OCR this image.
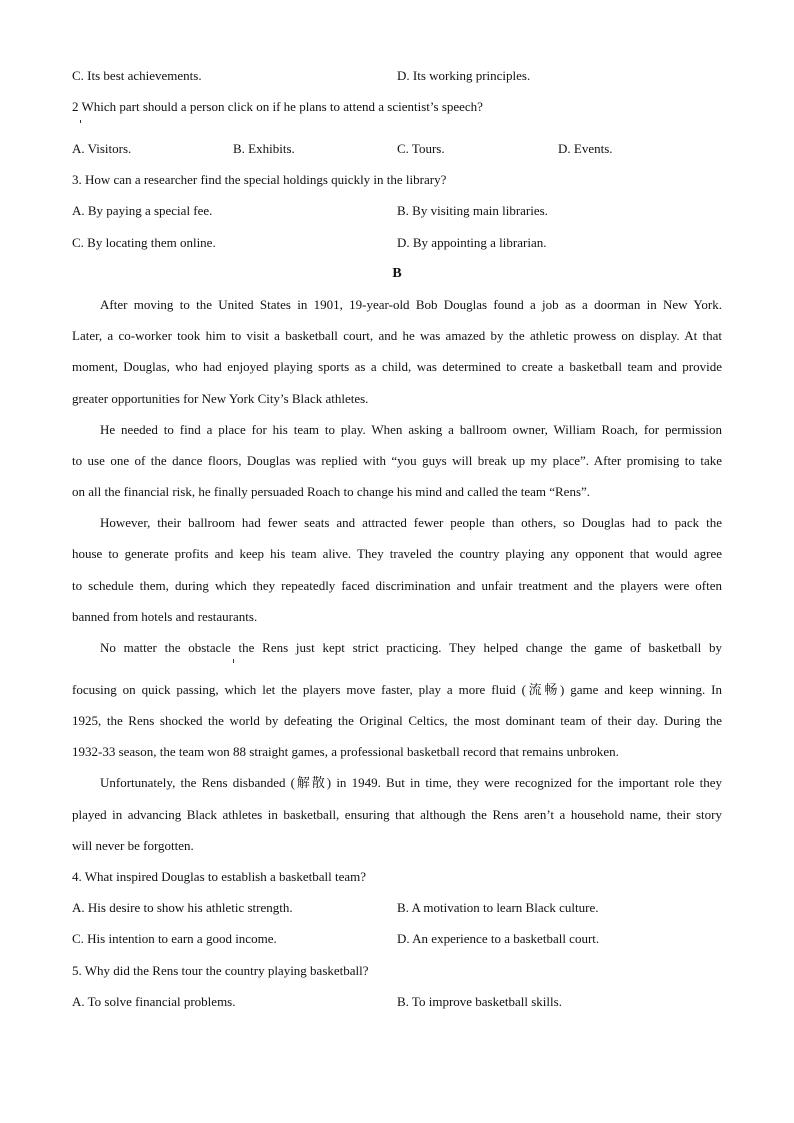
C. Its best achievements.	D. Its working principles.
2 Which part should a person click on if he plans to attend a scientist’s speech?
A. Visitors.	B. Exhibits.	C. Tours.	D. Events.
3. How can a researcher find the special holdings quickly in the library?
A. By paying a special fee.	B. By visiting main libraries.
C. By locating them online.	D. By appointing a librarian.
B
After moving to the United States in 1901, 19-year-old Bob Douglas found a job as a doorman in New York.
Later, a co-worker took him to visit a basketball court, and he was amazed by the athletic prowess on display. At that
moment, Douglas, who had enjoyed playing sports as a child, was determined to create a basketball team and provide
greater opportunities for New York City’s Black athletes.
He needed to find a place for his team to play. When asking a ballroom owner, William Roach, for permission
to use one of the dance floors, Douglas was replied with “you guys will break up my place”. After promising to take
on all the financial risk, he finally persuaded Roach to change his mind and called the team “Rens”.
However, their ballroom had fewer seats and attracted fewer people than others, so Douglas had to pack the
house to generate profits and keep his team alive. They traveled the country playing any opponent that would agree
to schedule them, during which they repeatedly faced discrimination and unfair treatment and the players were often
banned from hotels and restaurants.
No matter the obstacle the Rens just kept strict practicing. They helped change the game of basketball by
focusing on quick passing, which let the players move faster, play a more fluid (流畅) game and keep winning. In
1925, the Rens shocked the world by defeating the Original Celtics, the most dominant team of their day. During the
1932-33 season, the team won 88 straight games, a professional basketball record that remains unbroken.
Unfortunately, the Rens disbanded (解散) in 1949. But in time, they were recognized for the important role they
played in advancing Black athletes in basketball, ensuring that although the Rens aren’t a household name, their story
will never be forgotten.
4. What inspired Douglas to establish a basketball team?
A. His desire to show his athletic strength.	B. A motivation to learn Black culture.
C. His intention to earn a good income.	D. An experience to a basketball court.
5. Why did the Rens tour the country playing basketball?
A. To solve financial problems.	B. To improve basketball skills.
